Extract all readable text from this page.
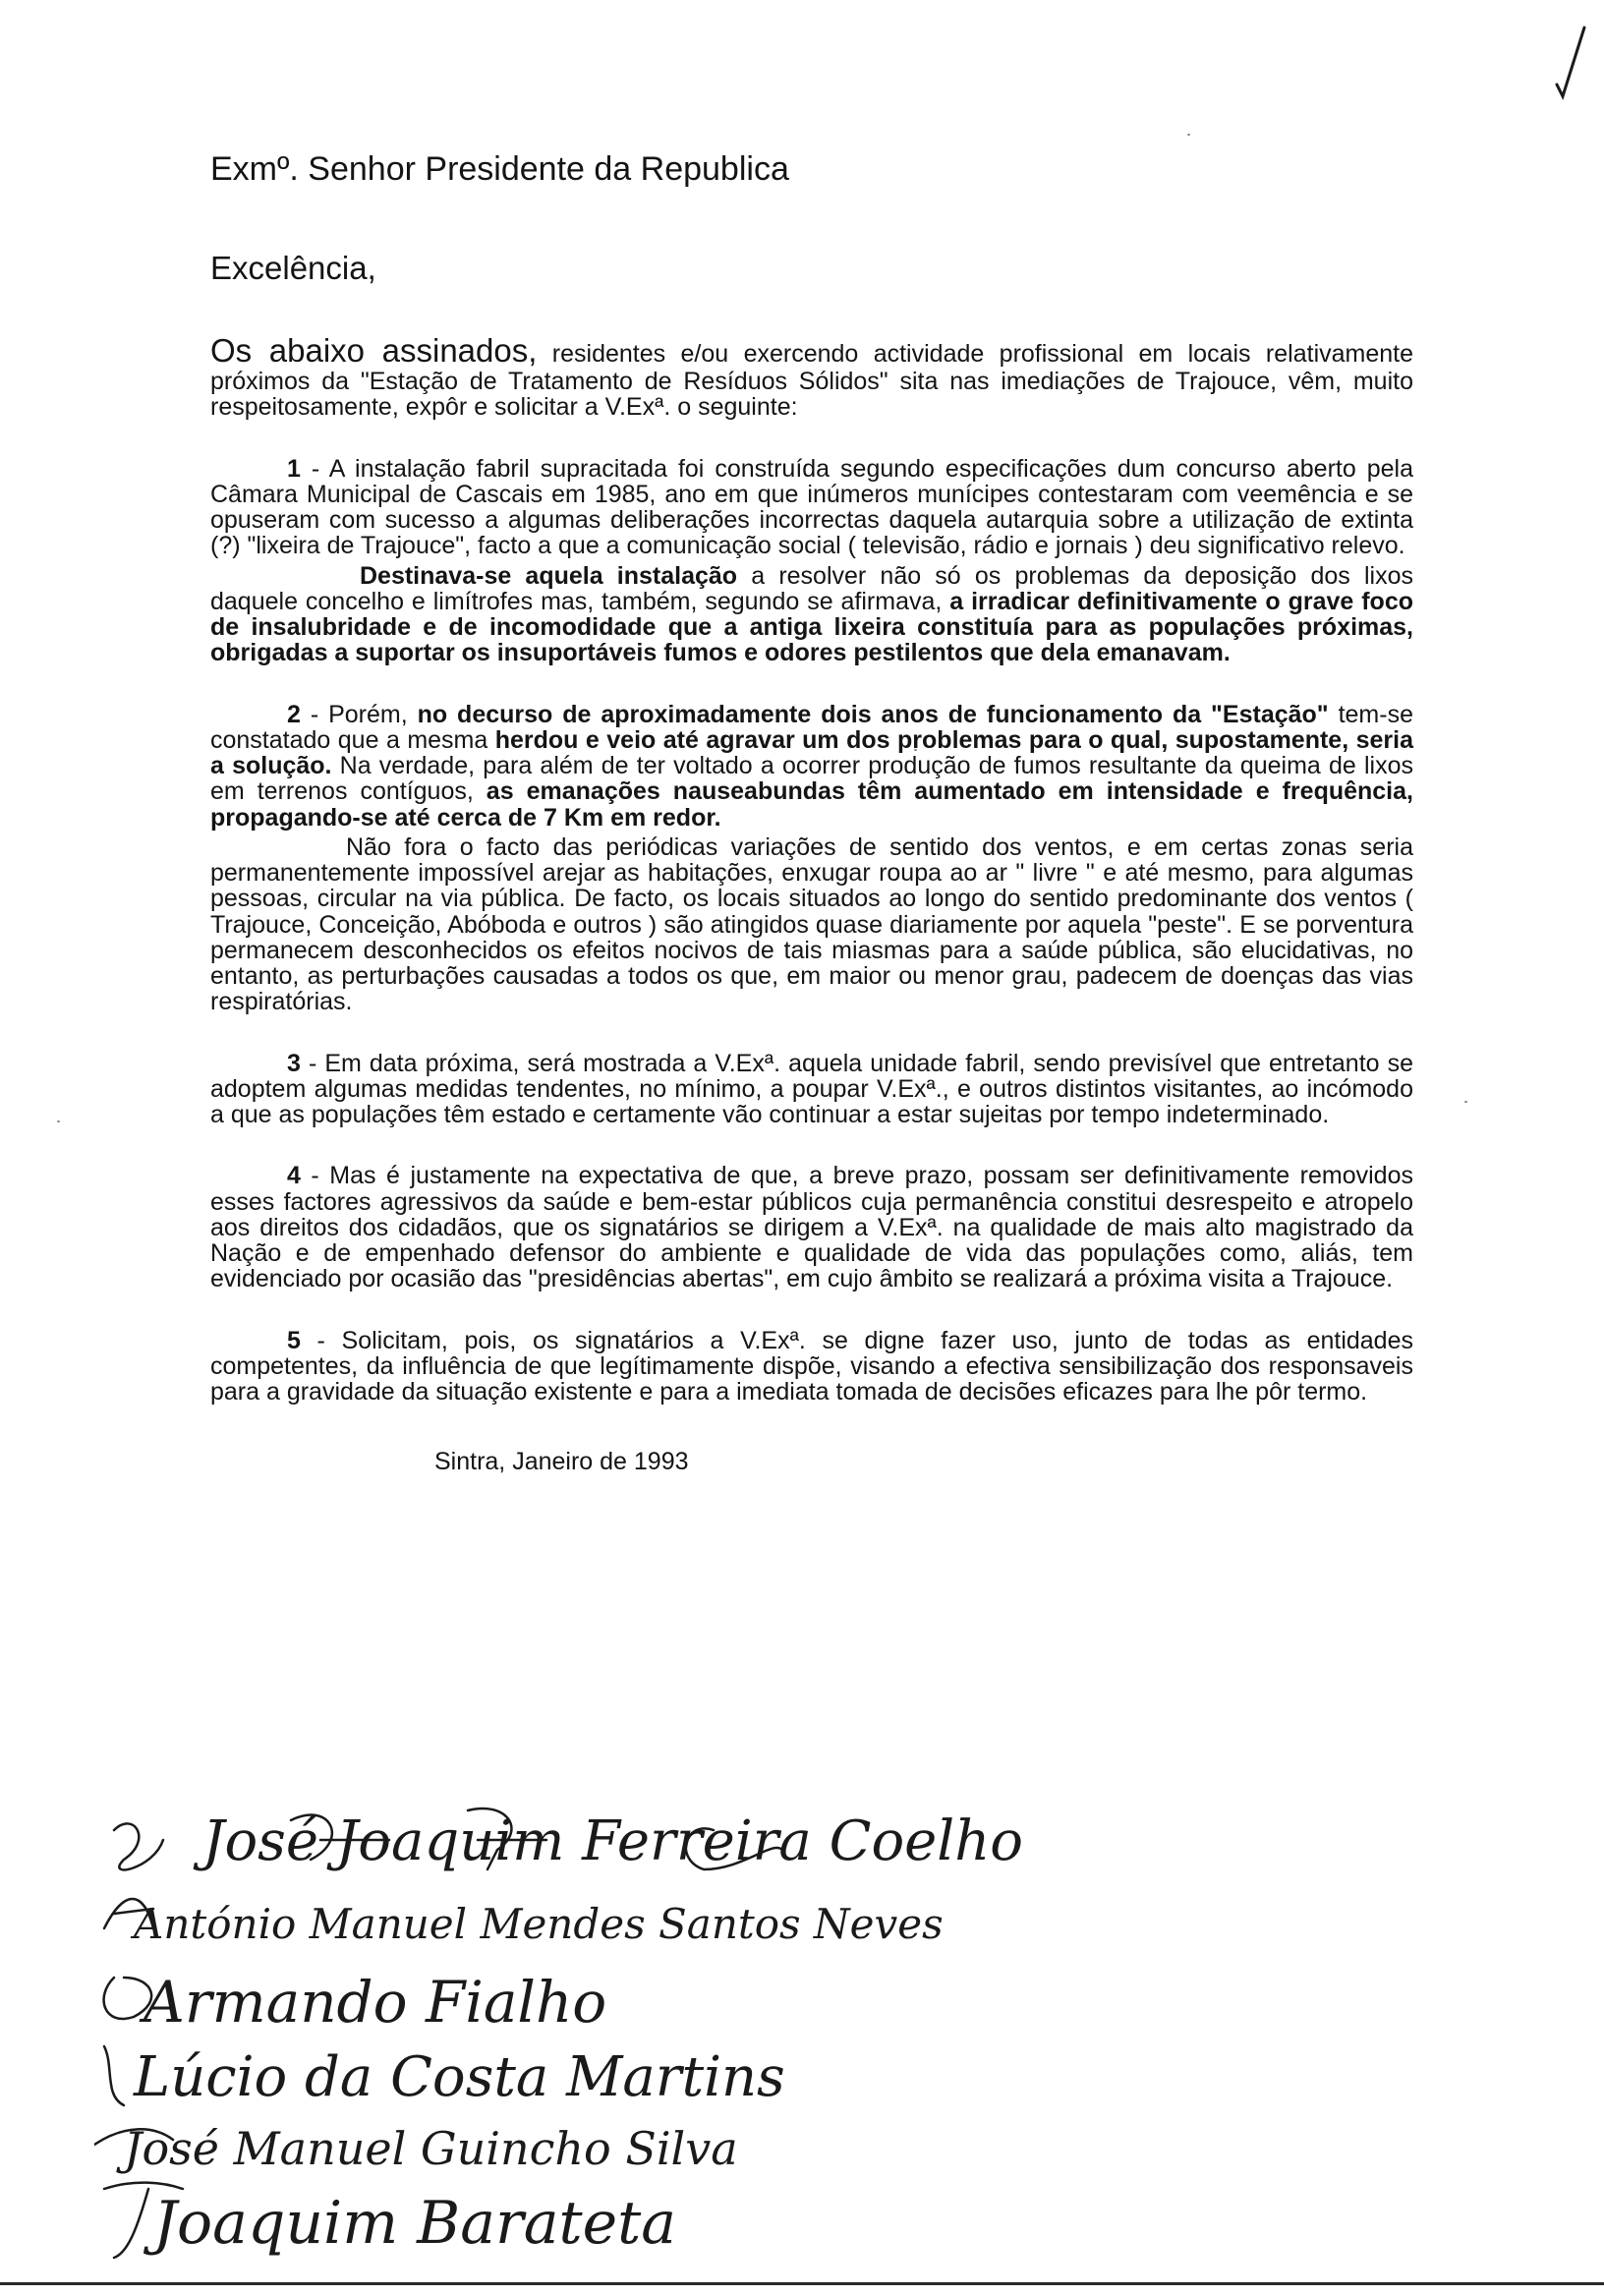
Exmº. Senhor Presidente da Republica

Excelência,

Os abaixo assinados, residentes e/ou exercendo actividade profissional em locais relativamente próximos da "Estação de Tratamento de Resíduos Sólidos" sita nas imediações de Trajouce, vêm, muito respeitosamente, expôr e solicitar a V.Exª. o seguinte:

1 - A instalação fabril supracitada foi construída segundo especificações dum concurso aberto pela Câmara Municipal de Cascais em 1985, ano em que inúmeros munícipes contestaram com veemência e se opuseram com sucesso a algumas deliberações incorrectas daquela autarquia sobre a utilização de extinta (?) "lixeira de Trajouce", facto a que a comunicação social ( televisão, rádio e jornais ) deu significativo relevo.

Destinava-se aquela instalação a resolver não só os problemas da deposição dos lixos daquele concelho e limítrofes mas, também, segundo se afirmava, a irradicar definitivamente o grave foco de insalubridade e de incomodidade que a antiga lixeira constituía para as populações próximas, obrigadas a suportar os insuportáveis fumos e odores pestilentos que dela emanavam.

2 - Porém, no decurso de aproximadamente dois anos de funcionamento da "Estação" tem-se constatado que a mesma herdou e veio até agravar um dos problemas para o qual, supostamente, seria a solução. Na verdade, para além de ter voltado a ocorrer produção de fumos resultante da queima de lixos em terrenos contíguos, as emanações nauseabundas têm aumentado em intensidade e frequência, propagando-se até cerca de 7 Km em redor.

Não fora o facto das periódicas variações de sentido dos ventos, e em certas zonas seria permanentemente impossível arejar as habitações, enxugar roupa ao ar " livre " e até mesmo, para algumas pessoas, circular na via pública. De facto, os locais situados ao longo do sentido predominante dos ventos ( Trajouce, Conceição, Abóboda e outros ) são atingidos quase diariamente por aquela "peste". E se porventura permanecem desconhecidos os efeitos nocivos de tais miasmas para a saúde pública, são elucidativas, no entanto, as perturbações causadas a todos os que, em maior ou menor grau, padecem de doenças das vias respiratórias.

3 - Em data próxima, será mostrada a V.Exª. aquela unidade fabril, sendo previsível que entretanto se adoptem algumas medidas tendentes, no mínimo, a poupar V.Exª., e outros distintos visitantes, ao incómodo a que as populações têm estado e certamente vão continuar a estar sujeitas por tempo indeterminado.

4 - Mas é justamente na expectativa de que, a breve prazo, possam ser definitivamente removidos esses factores agressivos da saúde e bem-estar públicos cuja permanência constitui desrespeito e atropelo aos direitos dos cidadãos, que os signatários se dirigem a V.Exª. na qualidade de mais alto magistrado da Nação e de empenhado defensor do ambiente e qualidade de vida das populações como, aliás, tem evidenciado por ocasião das "presidências abertas", em cujo âmbito se realizará a próxima visita a Trajouce.

5 - Solicitam, pois, os signatários a V.Exª. se digne fazer uso, junto de todas as entidades competentes, da influência de que legítimamente dispõe, visando a efectiva sensibilização dos responsaveis para a gravidade da situação existente e para a imediata tomada de decisões eficazes para lhe pôr termo.

Sintra, Janeiro de 1993

José Joaquim Ferreira Coelho
António Manuel Mendes Santos Neves
Armando Fialho
Lúcio da Costa Martins
José Manuel Guincho Silva
Joaquim Barateta
